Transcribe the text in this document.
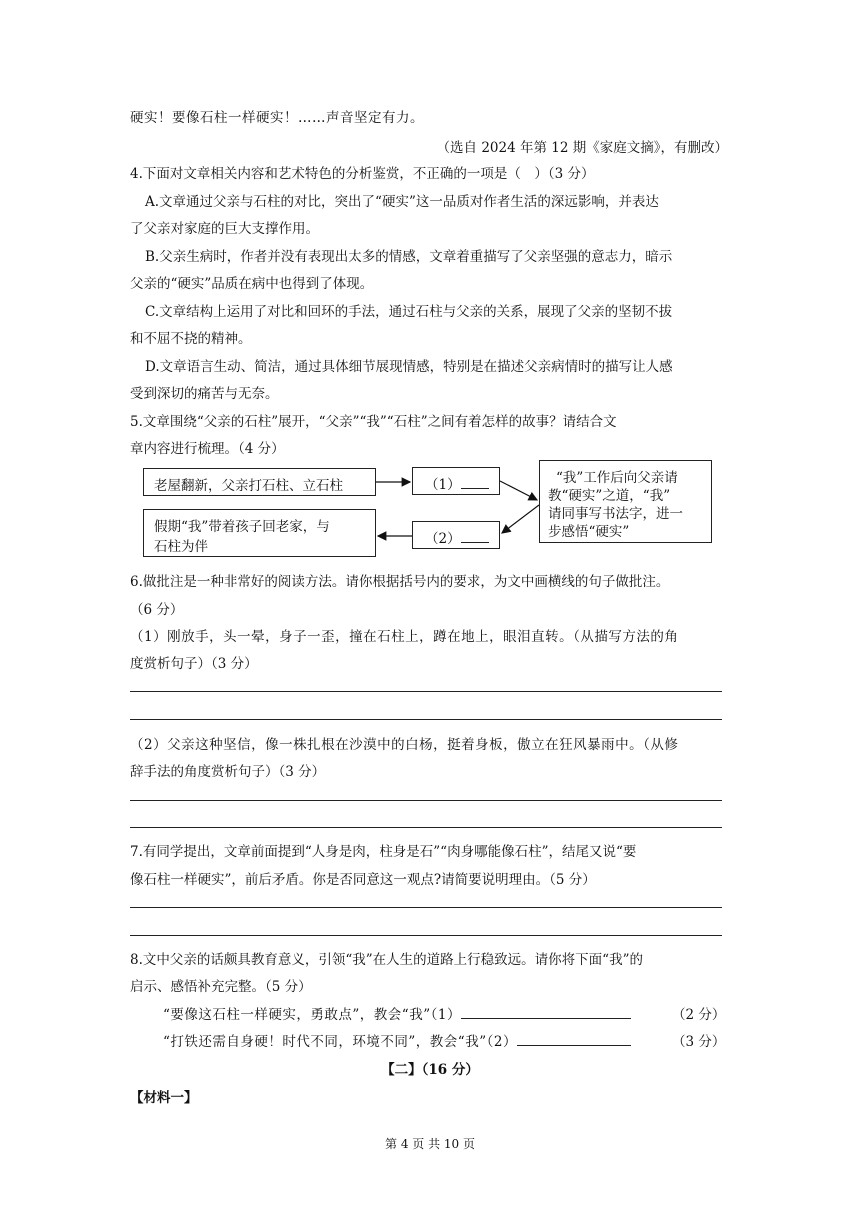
硬实！要像石柱一样硬实！……声音坚定有力。
（选自 2024 年第 12 期《家庭文摘》，有删改）
4.下面对文章相关内容和艺术特色的分析鉴赏，不正确的一项是（　）（3 分）
A.文章通过父亲与石柱的对比，突出了“硬实”这一品质对作者生活的深远影响，并表达
了父亲对家庭的巨大支撑作用。
B.父亲生病时，作者并没有表现出太多的情感，文章着重描写了父亲坚强的意志力，暗示
父亲的“硬实”品质在病中也得到了体现。
C.文章结构上运用了对比和回环的手法，通过石柱与父亲的关系，展现了父亲的坚韧不拔
和不屈不挠的精神。
D.文章语言生动、简洁，通过具体细节展现情感，特别是在描述父亲病情时的描写让人感
受到深切的痛苦与无奈。
5.文章围绕“父亲的石柱”展开，“父亲”“我”“石柱”之间有着怎样的故事？请结合文
章内容进行梳理。（4 分）
老屋翻新，父亲打石柱、立石柱	（1）	“我”工作后向父亲请
教“硬实”之道，“我”
请同事写书法字，进一
步感悟“硬实”
（2）
假期“我”带着孩子回老家，与
石柱为伴
6.做批注是一种非常好的阅读方法。请你根据括号内的要求，为文中画横线的句子做批注。
（6 分）
（1）刚放手，头一晕，身子一歪，撞在石柱上，蹲在地上，眼泪直转。（从描写方法的角
度赏析句子）（3 分）
（2）父亲这种坚信，像一株扎根在沙漠中的白杨，挺着身板，傲立在狂风暴雨中。（从修
辞手法的角度赏析句子）（3 分）
7.有同学提出，文章前面提到“人身是肉，柱身是石”“肉身哪能像石柱”，结尾又说“要
像石柱一样硬实”，前后矛盾。你是否同意这一观点?请简要说明理由。（5 分）
8.文中父亲的话颇具教育意义，引领“我”在人生的道路上行稳致远。请你将下面“我”的
启示、感悟补充完整。（5 分）
“要像这石柱一样硬实，勇敢点”，教会“我”（1）	（2 分）
“打铁还需自身硬！时代不同，环境不同”，教会“我”（2）	（3 分）
【二】（16 分）
【材料一】
第 4 页 共 10 页
